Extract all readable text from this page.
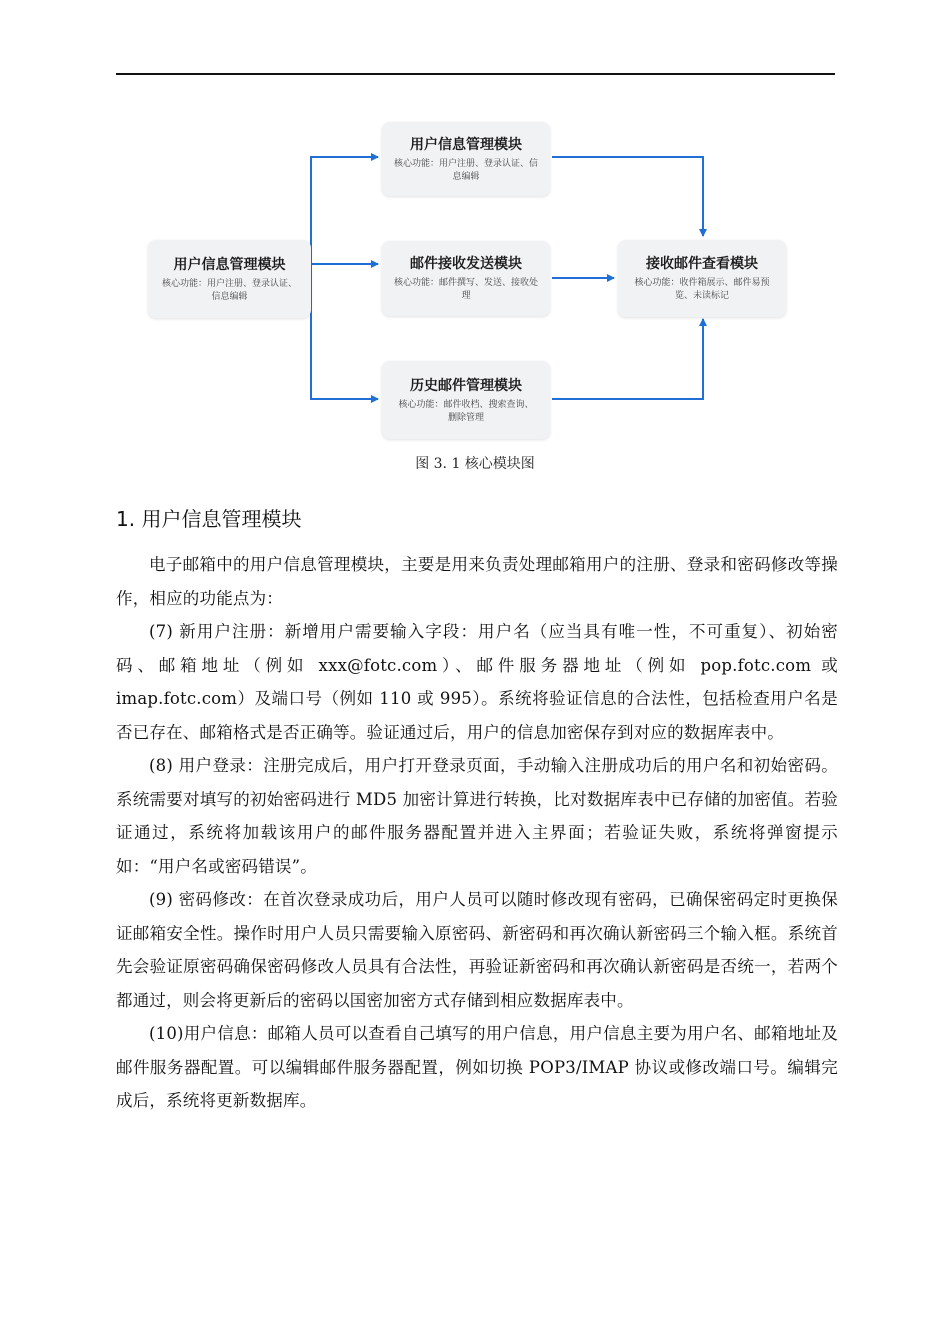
用户信息管理模块
核心功能：用户注册、登录认证、
信息编辑
用户信息管理模块
核心功能：用户注册、登录认证、信息编辑
邮件接收发送模块
核心功能：邮件撰写、发送、接收处理
历史邮件管理模块
核心功能：邮件收档、搜索查询、
删除管理
接收邮件查看模块
核心功能：收件箱展示、邮件易预
览、未读标记
图 3. 1 核心模块图
1. 用户信息管理模块

电子邮箱中的用户信息管理模块，主要是用来负责处理邮箱用户的注册、登录和密码修改等操作，相应的功能点为：

(7) 新用户注册：新增用户需要输入字段：用户名（应当具有唯一性，不可重复）、初始密码、邮箱地址（例如 xxx@fotc.com）、邮件服务器地址（例如 pop.fotc.com 或 imap.fotc.com）及端口号（例如 110 或 995）。系统将验证信息的合法性，包括检查用户名是否已存在、邮箱格式是否正确等。验证通过后，用户的信息加密保存到对应的数据库表中。

(8) 用户登录：注册完成后，用户打开登录页面，手动输入注册成功后的用户名和初始密码。系统需要对填写的初始密码进行 MD5 加密计算进行转换，比对数据库表中已存储的加密值。若验证通过，系统将加载该用户的邮件服务器配置并进入主界面；若验证失败，系统将弹窗提示如：“用户名或密码错误”。

(9) 密码修改：在首次登录成功后，用户人员可以随时修改现有密码，已确保密码定时更换保证邮箱安全性。操作时用户人员只需要输入原密码、新密码和再次确认新密码三个输入框。系统首先会验证原密码确保密码修改人员具有合法性，再验证新密码和再次确认新密码是否统一，若两个都通过，则会将更新后的密码以国密加密方式存储到相应数据库表中。

(10)用户信息：邮箱人员可以查看自己填写的用户信息，用户信息主要为用户名、邮箱地址及邮件服务器配置。可以编辑邮件服务器配置，例如切换 POP3/IMAP 协议或修改端口号。编辑完成后，系统将更新数据库。
